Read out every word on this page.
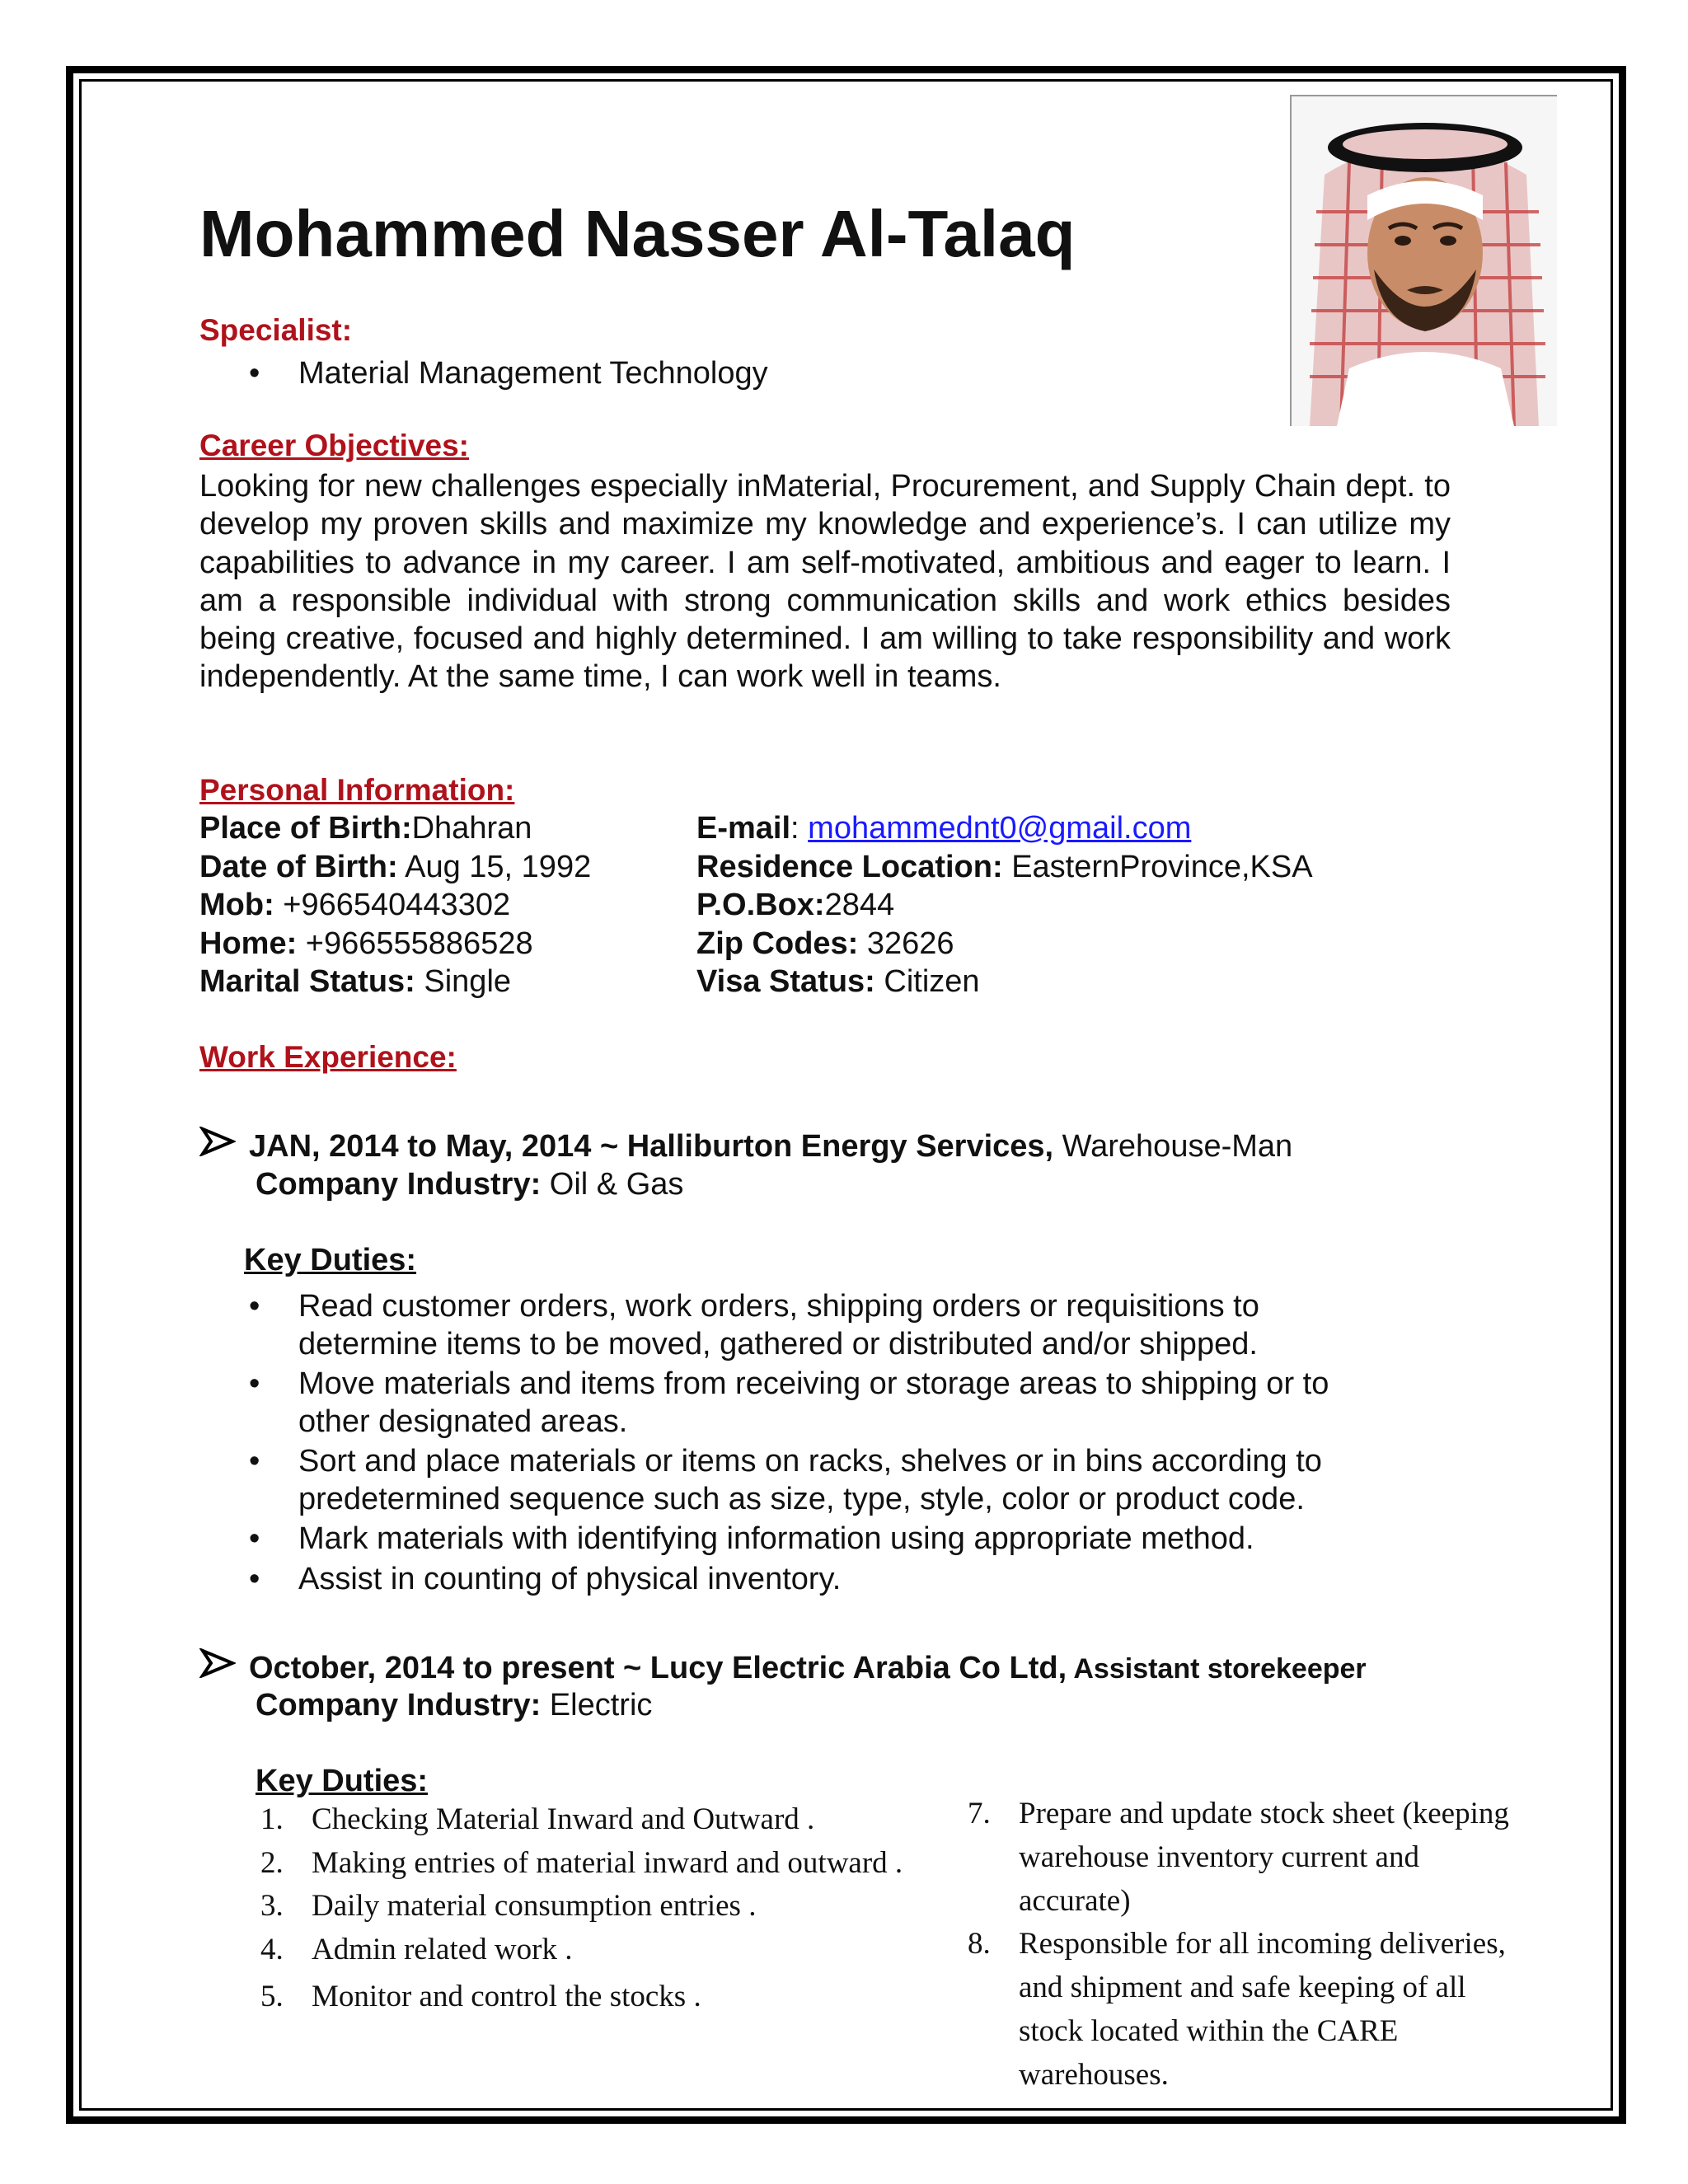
Mohammed Nasser Al-Talaq
Specialist:
• Material Management Technology
Career Objectives:
Looking for new challenges especially inMaterial, Procurement, and Supply Chain dept. to develop my proven skills and maximize my knowledge and experience’s. I can utilize my capabilities to advance in my career. I am self-motivated, ambitious and eager to learn. I am a responsible individual with strong communication skills and work ethics besides being creative, focused and highly determined. I am willing to take responsibility and work independently. At the same time, I can work well in teams.
Personal Information:
Place of Birth:Dhahran
Date of Birth: Aug 15, 1992
Mob: +966540443302
Home: +966555886528
Marital Status: Single
E-mail: mohammednt0@gmail.com
Residence Location: EasternProvince,KSA
P.O.Box:2844
Zip Codes: 32626
Visa Status: Citizen
Work Experience:
JAN, 2014 to May, 2014 ~ Halliburton Energy Services, Warehouse-Man
Company Industry: Oil & Gas
Key Duties:
• Read customer orders, work orders, shipping orders or requisitions to
determine items to be moved, gathered or distributed and/or shipped.
• Move materials and items from receiving or storage areas to shipping or to
other designated areas.
• Sort and place materials or items on racks, shelves or in bins according to
predetermined sequence such as size, type, style, color or product code.
• Mark materials with identifying information using appropriate method.
• Assist in counting of physical inventory.
October, 2014 to present ~ Lucy Electric Arabia Co Ltd, Assistant storekeeper
Company Industry: Electric
Key Duties:
1. Checking Material Inward and Outward .
2. Making entries of material inward and outward .
3. Daily material consumption entries .
4. Admin related work .
5. Monitor and control the stocks .
7. Prepare and update stock sheet (keeping
warehouse inventory current and
accurate)
8. Responsible for all incoming deliveries,
and shipment and safe keeping of all
stock located within the CARE
warehouses.
